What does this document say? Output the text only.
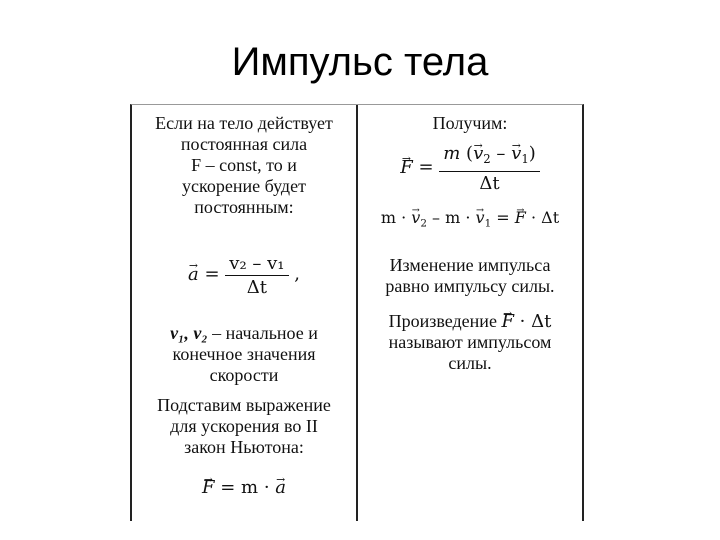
Импульс тела
Если на тело действует
постоянная сила
F – const, то и
ускорение будет
постоянным:
→ $a = \frac{\text{v₂ – v₁}}{\Delta t}$ ,
v₁, v₂ – начальное и
конечное значения
скорости
Подставим выражение
для ускорения во II
закон Ньютона:
→ F = m · → a
Получим:
→ $F = \frac{m (\to v_2 - \to v_1)}{\Delta t}$
m · → $v_2$ – m · → $v_1$ = → F · Δt
Изменение импульса
равно импульсу силы.
Произведение → F · Δt
называют импульсом
силы.
